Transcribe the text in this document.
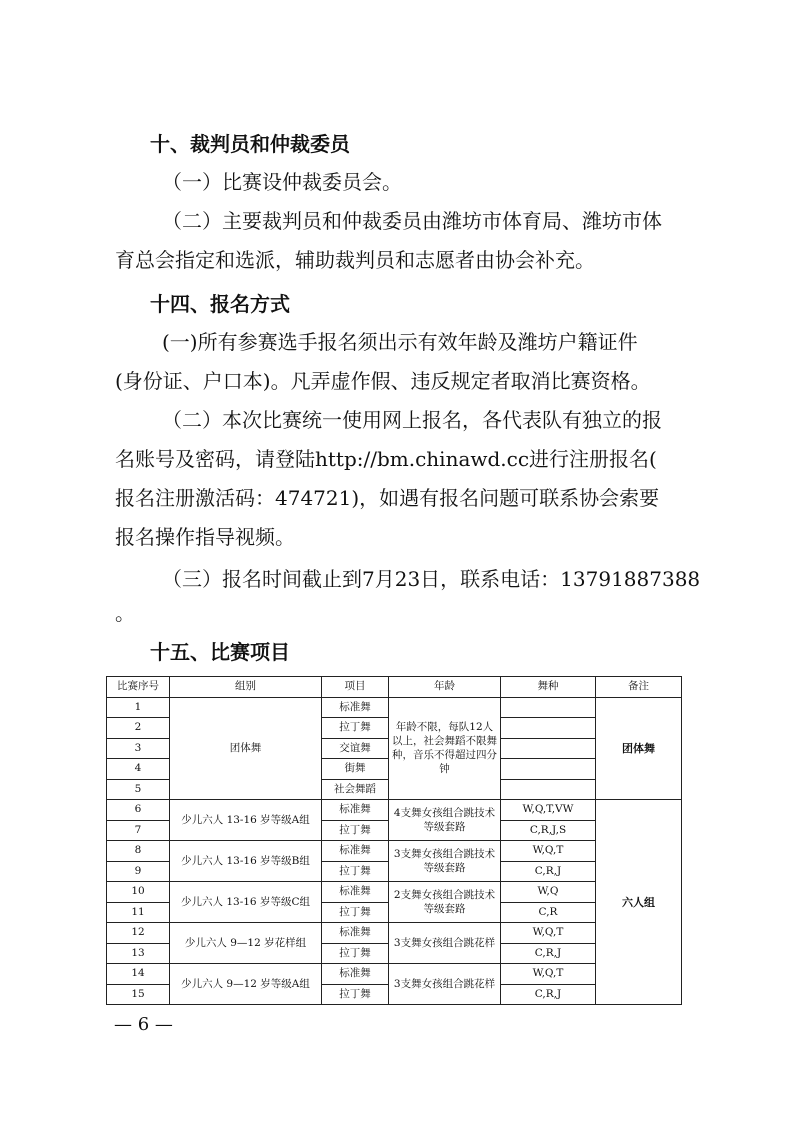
十、裁判员和仲裁委员

（一）比赛设仲裁委员会。

（二）主要裁判员和仲裁委员由潍坊市体育局、潍坊市体

育总会指定和选派，辅助裁判员和志愿者由协会补充。

十四、报名方式

(一)所有参赛选手报名须出示有效年龄及潍坊户籍证件

(身份证、户口本)。凡弄虚作假、违反规定者取消比赛资格。

（二）本次比赛统一使用网上报名，各代表队有独立的报

名账号及密码，请登陆http://bm.chinawd.cc进行注册报名(

报名注册激活码：474721)，如遇有报名问题可联系协会索要

报名操作指导视频。

（三）报名时间截止到7月23日，联系电话：13791887388

。

十五、比赛项目
比赛序号	组别	项目	年龄	舞种	备注
1	团体舞	标准舞	年龄不限，每队12人以上，社会舞蹈不限舞种，音乐不得超过四分钟		团体舞
2		拉丁舞			
3		交谊舞			
4		街舞			
5		社会舞蹈			
6	少儿六人 13-16 岁等级A组	标准舞	4支舞女孩组合跳技术等级套路	W,Q,T,VW	六人组
7		拉丁舞		C,R,J,S	
8	少儿六人 13-16 岁等级B组	标准舞	3支舞女孩组合跳技术等级套路	W,Q,T	
9		拉丁舞		C,R,J	
10	少儿六人 13-16 岁等级C组	标准舞	2支舞女孩组合跳技术等级套路	W,Q	
11		拉丁舞		C,R	
12	少儿六人 9—12 岁花样组	标准舞	3支舞女孩组合跳花样	W,Q,T	
13		拉丁舞		C,R,J	
14	少儿六人 9—12 岁等级A组	标准舞	3支舞女孩组合跳花样	W,Q,T	
15		拉丁舞		C,R,J	

— 6 —
